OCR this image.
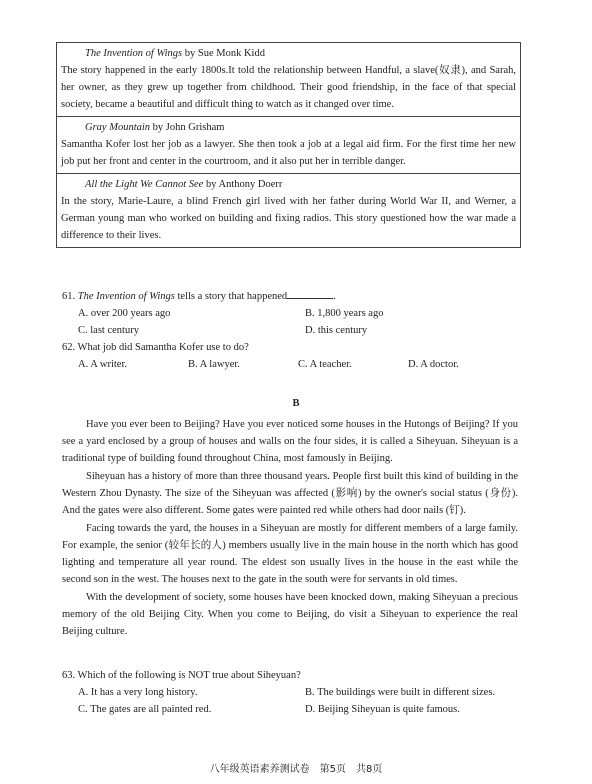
The Invention of Wings by Sue Monk Kidd
The story happened in the early 1800s.It told the relationship between Handful, a slave(奴隶), and Sarah, her owner, as they grew up together from childhood. Their good friendship, in the face of that special society, became a beautiful and difficult thing to watch as it changed over time.
Gray Mountain by John Grisham
Samantha Kofer lost her job as a lawyer. She then took a job at a legal aid firm. For the first time her new job put her front and center in the courtroom, and it also put her in terrible danger.
All the Light We Cannot See by Anthony Doerr
In the story, Marie-Laure, a blind French girl lived with her father during World War II, and Werner, a German young man who worked on building and fixing radios. This story questioned how the war made a difference to their lives.
61. The Invention of Wings tells a story that happened	.
A. over 200 years ago	B. 1,800 years ago
C. last century	D. this century
62. What job did Samantha Kofer use to do?
A. A writer.	B. A lawyer.	C. A teacher.	D. A doctor.
B

Have you ever been to Beijing? Have you ever noticed some houses in the Hutongs of Beijing? If you see a yard enclosed by a group of houses and walls on the four sides, it is called a Siheyuan. Siheyuan is a traditional type of building found throughout China, most famously in Beijing.

Siheyuan has a history of more than three thousand years. People first built this kind of building in the Western Zhou Dynasty. The size of the Siheyuan was affected (影响) by the owner's social status (身份). And the gates were also different. Some gates were painted red while others had door nails (钉).

Facing towards the yard, the houses in a Siheyuan are mostly for different members of a large family. For example, the senior (较年长的人) members usually live in the main house in the north which has good lighting and temperature all year round. The eldest son usually lives in the house in the east while the second son in the west. The houses next to the gate in the south were for servants in old times.

With the development of society, some houses have been knocked down, making Siheyuan a precious memory of the old Beijing City. When you come to Beijing, do visit a Siheyuan to experience the real Beijing culture.

63. Which of the following is NOT true about Siheyuan?
A. It has a very long history.	B. The buildings were built in different sizes.
C. The gates are all painted red.	D. Beijing Siheyuan is quite famous.
八年级英语素养测试卷　第5页　共8页
